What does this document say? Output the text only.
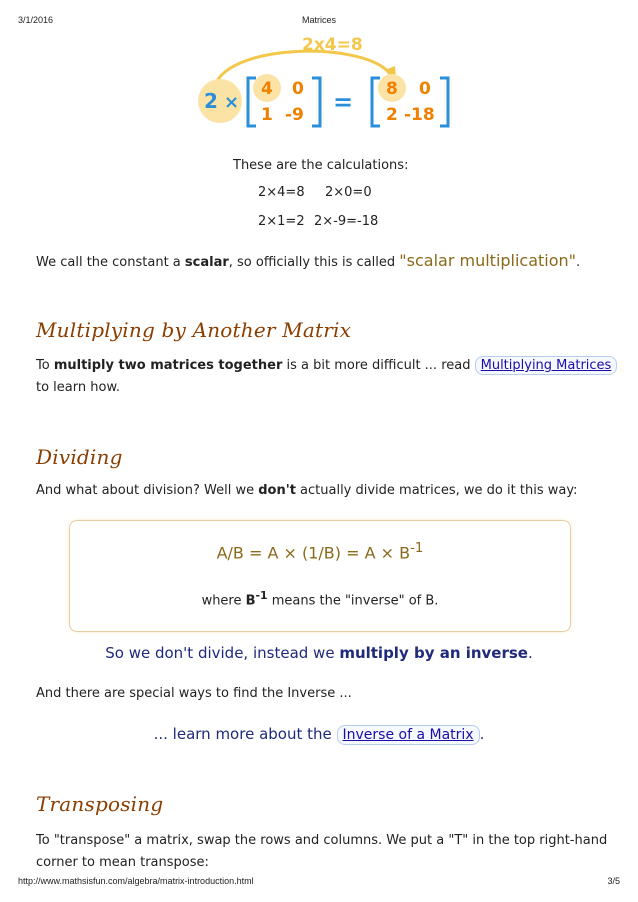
3/1/2016	Matrices
2x4=8
2 ×
4 0
1 -9 = 8 0
2 -18
These are the calculations:
2×4=8 2×0=0
2×1=2 2×-9=-18
We call the constant a scalar, so officially this is called "scalar multiplication".
Multiplying by Another Matrix
To multiply two matrices together is a bit more difficult ... read Multiplying Matrices
to learn how.
Dividing
And what about division? Well we don't actually divide matrices, we do it this way:
$A/B = A \times (1/B) = A \times B^{-1}$
where $B^{-1}$ means the "inverse" of B.
So we don't divide, instead we multiply by an inverse.
And there are special ways to find the Inverse ...
... learn more about the Inverse of a Matrix .
Transposing
To "transpose" a matrix, swap the rows and columns. We put a "T" in the top right-hand
corner to mean transpose:
http://www.mathsisfun.com/algebra/matrix-introduction.html	3/5
